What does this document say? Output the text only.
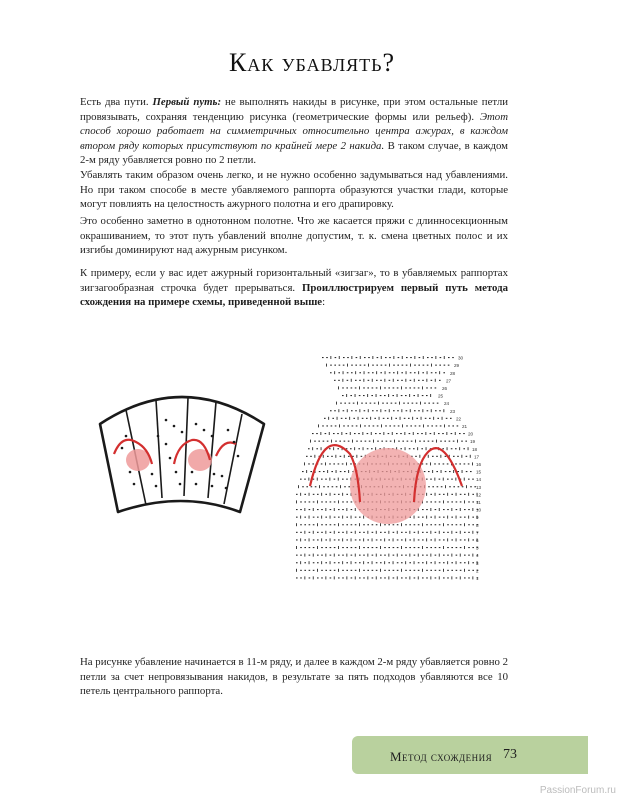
Как убавлять?

Есть два пути. Первый путь: не выполнять накиды в рисунке, при этом остальные петли провязывать, сохраняя тенденцию рисунка (геометрические формы или рельеф). Этот способ хорошо работает на симметричных относительно центра ажурах, в каждом втором ряду которых присутствуют по крайней мере 2 накида. В таком случае, в каждом 2-м ряду убавляется ровно по 2 петли.

Убавлять таким образом очень легко, и не нужно особенно задумываться над убавлениями. Но при таком способе в месте убавляемого раппорта образуются участки глади, которые могут повлиять на целостность ажурного полотна и его драпировку.

Это особенно заметно в однотонном полотне. Что же касается пряжи с длинносекционным окрашиванием, то этот путь убавлений вполне допустим, т. к. смена цветных полос и их изгибы доминируют над ажурным рисунком.

К примеру, если у вас идет ажурный горизонтальный «зигзаг», то в убавляемых раппортах зигзагообразная строчка будет прерываться. Проиллюстрируем первый путь метода схождения на примере схемы, приведенной выше:

30
29
28
27
26
25
24
23
22
21
20
19
18
17
16
15
14
13
12
11
10
9
8
7
6
5
4
3
2
1

На рисунке убавление начинается в 11-м ряду, и далее в каждом 2-м ряду убавляется ровно 2 петли за счет непровязывания накидов, в результате за пять подходов убавляются все 10 петель центрального раппорта.

Метод схождения 73
PassionForum.ru
